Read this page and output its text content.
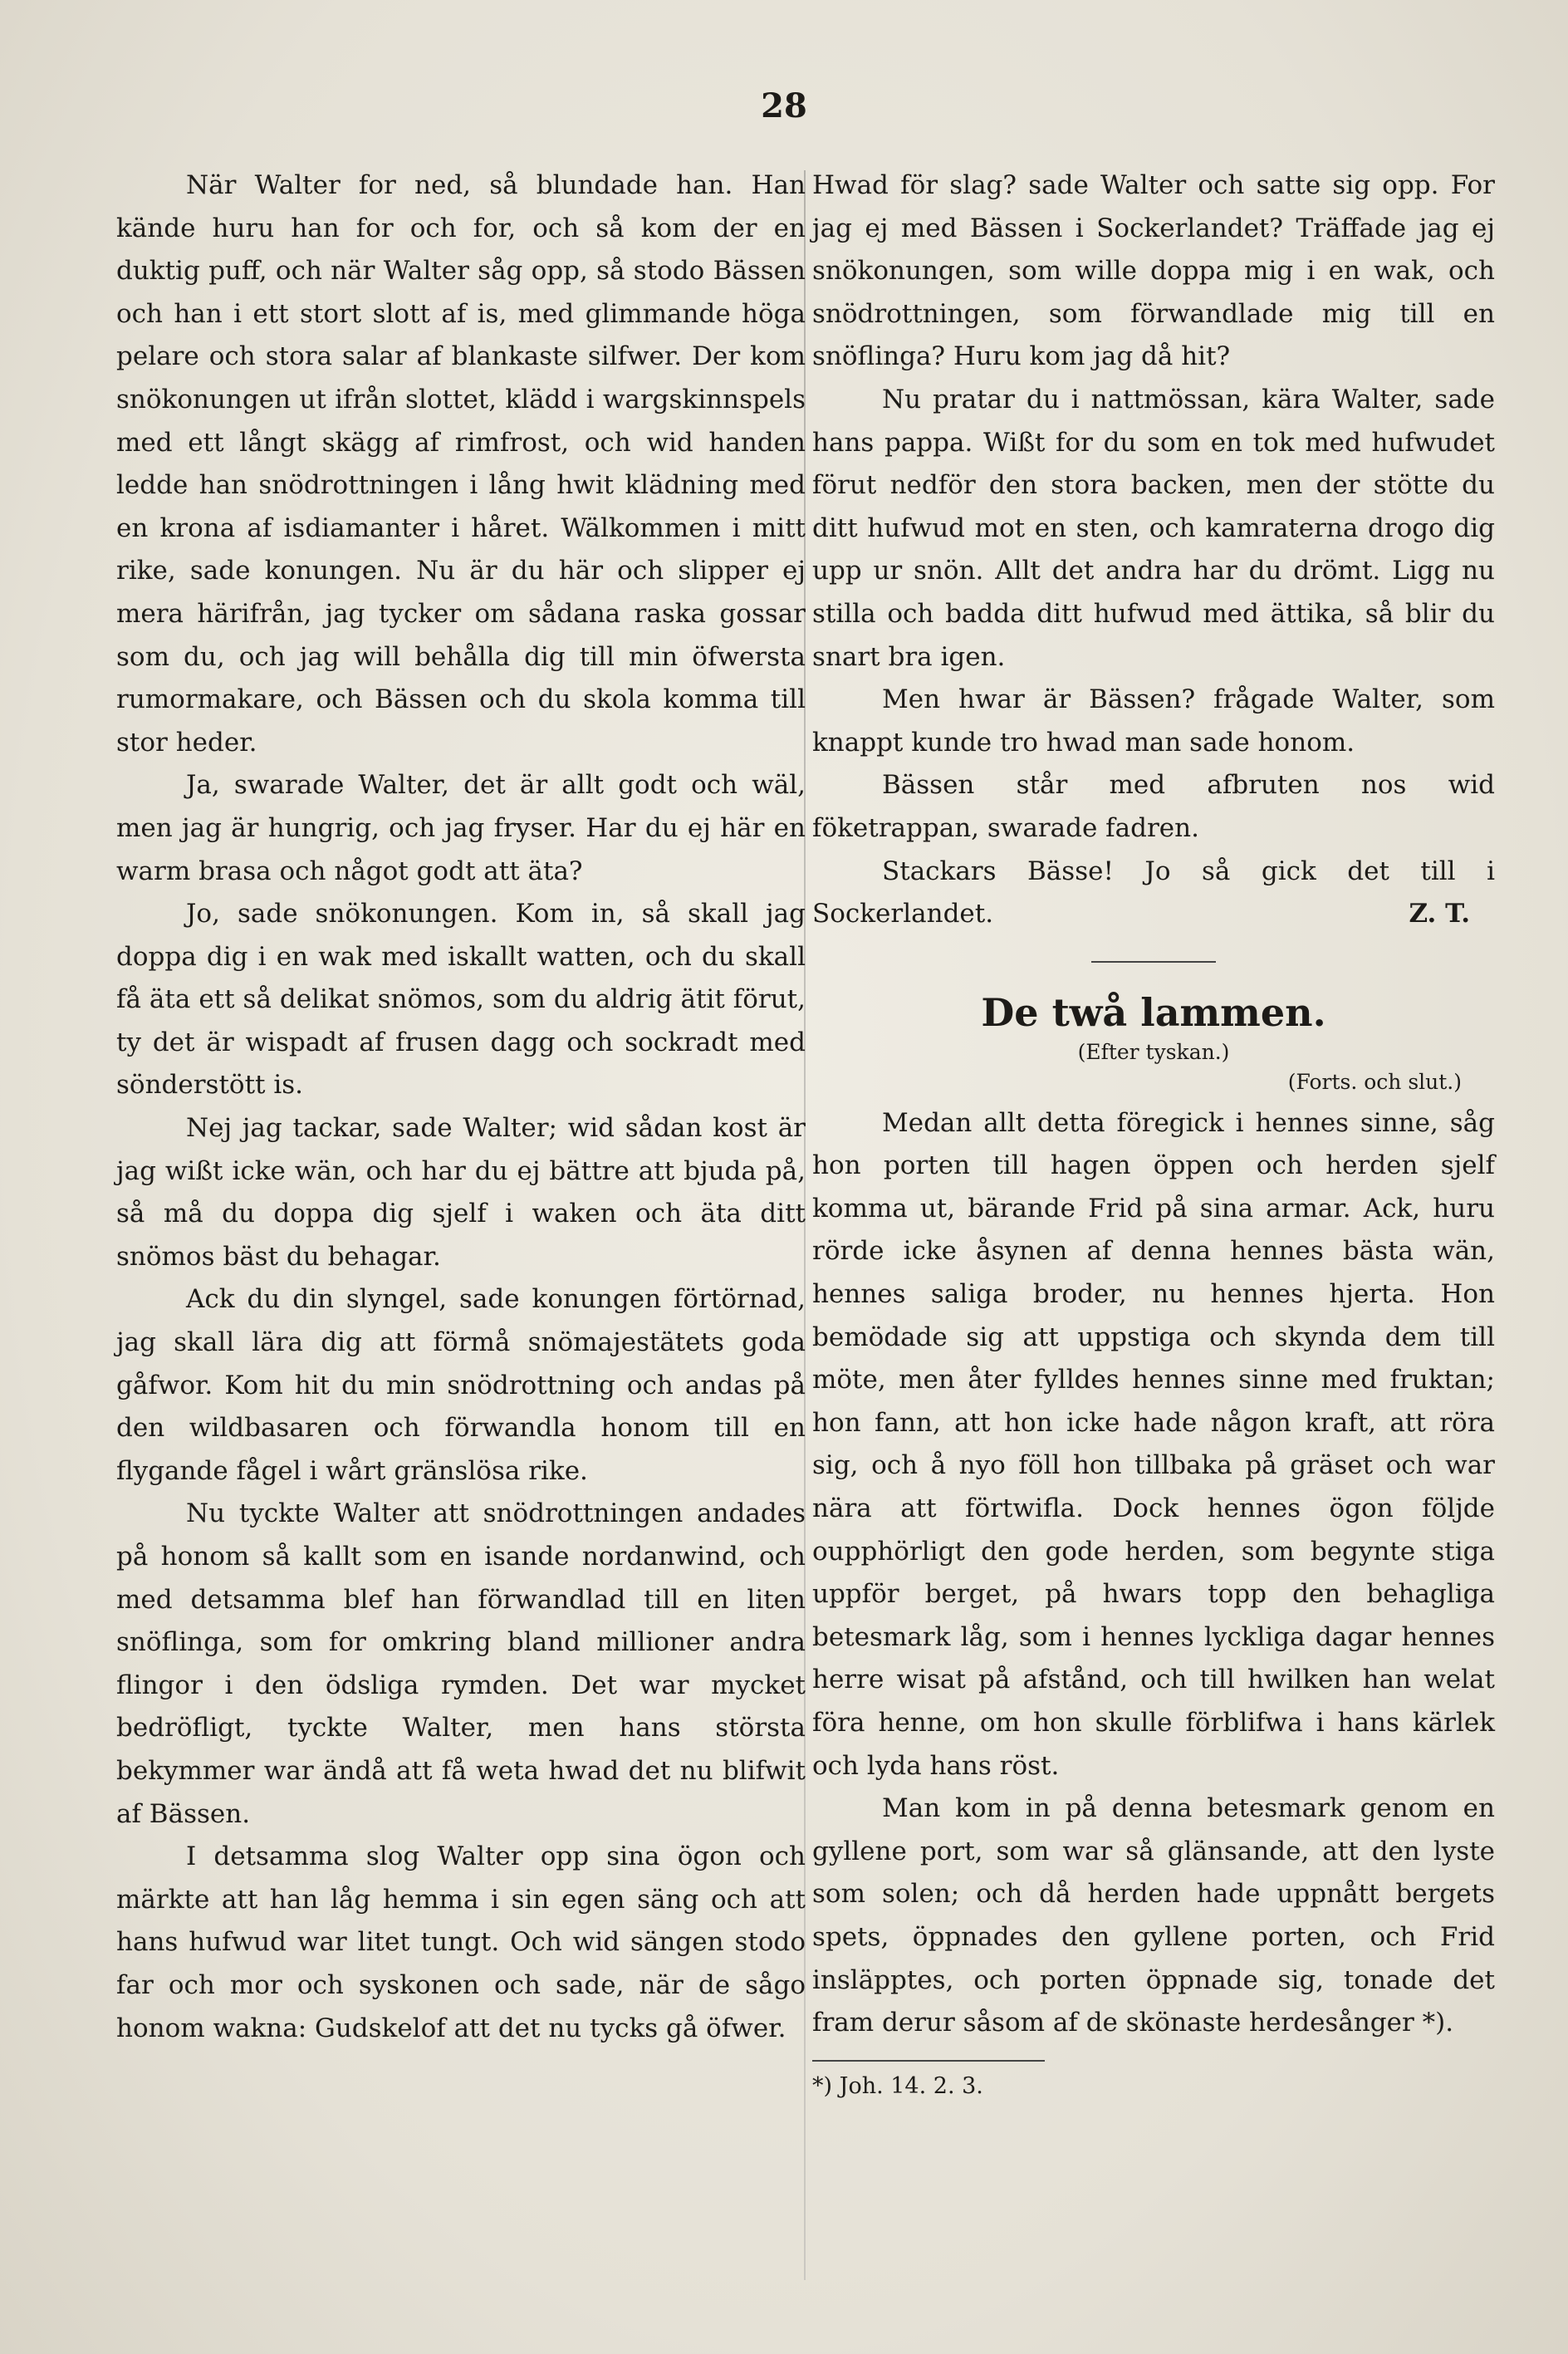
28

När Walter for ned, så blundade han. Han kände huru han for och for, och så kom der en duktig puff, och när Walter såg opp, så stodo Bässen och han i ett stort slott af is, med glimmande höga pelare och stora salar af blankaste silfwer. Der kom snökonungen ut ifrån slottet, klädd i wargskinnspels med ett långt skägg af rimfrost, och wid handen ledde han snödrottningen i lång hwit klädning med en krona af isdiamanter i håret. Wälkommen i mitt rike, sade konungen. Nu är du här och slipper ej mera härifrån, jag tycker om sådana raska gossar som du, och jag will behålla dig till min öfwersta rumormakare, och Bässen och du skola komma till stor heder.

Ja, swarade Walter, det är allt godt och wäl, men jag är hungrig, och jag fryser. Har du ej här en warm brasa och något godt att äta?

Jo, sade snökonungen. Kom in, så skall jag doppa dig i en wak med iskallt watten, och du skall få äta ett så delikat snömos, som du aldrig ätit förut, ty det är wispadt af frusen dagg och sockradt med sönderstött is.

Nej jag tackar, sade Walter; wid sådan kost är jag wißt icke wän, och har du ej bättre att bjuda på, så må du doppa dig sjelf i waken och äta ditt snömos bäst du behagar.

Ack du din slyngel, sade konungen förtörnad, jag skall lära dig att förmå snömajestätets goda gåfwor. Kom hit du min snödrottning och andas på den wildbasaren och förwandla honom till en flygande fågel i wårt gränslösa rike.

Nu tyckte Walter att snödrottningen andades på honom så kallt som en isande nordanwind, och med detsamma blef han förwandlad till en liten snöflinga, som for omkring bland millioner andra flingor i den ödsliga rymden. Det war mycket bedröfligt, tyckte Walter, men hans största bekymmer war ändå att få weta hwad det nu blifwit af Bässen.

I detsamma slog Walter opp sina ögon och märkte att han låg hemma i sin egen säng och att hans hufwud war litet tungt. Och wid sängen stodo far och mor och syskonen och sade, när de sågo honom wakna: Gudskelof att det nu tycks gå öfwer.

Hwad för slag? sade Walter och satte sig opp. For jag ej med Bässen i Sockerlandet? Träffade jag ej snökonungen, som wille doppa mig i en wak, och snödrottningen, som förwandlade mig till en snöflinga? Huru kom jag då hit?

Nu pratar du i nattmössan, kära Walter, sade hans pappa. Wißt for du som en tok med hufwudet förut nedför den stora backen, men der stötte du ditt hufwud mot en sten, och kamraterna drogo dig upp ur snön. Allt det andra har du drömt. Ligg nu stilla och badda ditt hufwud med ättika, så blir du snart bra igen.

Men hwar är Bässen? frågade Walter, som knappt kunde tro hwad man sade honom.

Bässen står med afbruten nos wid föketrappan, swarade fadren.

Stackars Bässe! Jo så gick det till i Sockerlandet.	Z. T.

De twå lammen.

(Efter tyskan.)

(Forts. och slut.)

Medan allt detta föregick i hennes sinne, såg hon porten till hagen öppen och herden sjelf komma ut, bärande Frid på sina armar. Ack, huru rörde icke åsynen af denna hennes bästa wän, hennes saliga broder, nu hennes hjerta. Hon bemödade sig att uppstiga och skynda dem till möte, men åter fylldes hennes sinne med fruktan; hon fann, att hon icke hade någon kraft, att röra sig, och å nyo föll hon tillbaka på gräset och war nära att förtwifla. Dock hennes ögon följde oupphörligt den gode herden, som begynte stiga uppför berget, på hwars topp den behagliga betesmark låg, som i hennes lyckliga dagar hennes herre wisat på afstånd, och till hwilken han welat föra henne, om hon skulle förblifwa i hans kärlek och lyda hans röst.

Man kom in på denna betesmark genom en gyllene port, som war så glänsande, att den lyste som solen; och då herden hade uppnått bergets spets, öppnades den gyllene porten, och Frid insläpptes, och porten öppnade sig, tonade det fram derur såsom af de skönaste herdesånger *).

*) Joh. 14. 2. 3.
